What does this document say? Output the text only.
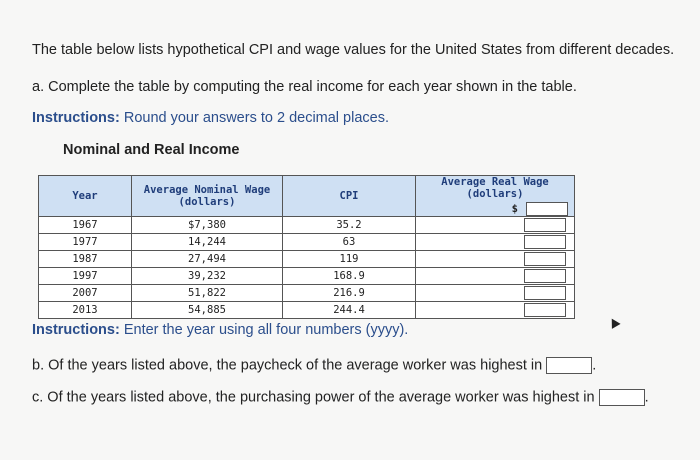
The table below lists hypothetical CPI and wage values for the United States from different decades.
a. Complete the table by computing the real income for each year shown in the table.
Instructions: Round your answers to 2 decimal places.
Nominal and Real Income
Year	Average Nominal Wage (dollars)	CPI	Average Real Wage (dollars)
$

1967	$7,380	35.2	

1977	14,244	63	

1987	27,494	119	

1997	39,232	168.9	

2007	51,822	216.9	

2013	54,885	244.4	
Instructions: Enter the year using all four numbers (yyyy).
b. Of the years listed above, the paycheck of the average worker was highest in	.
c. Of the years listed above, the purchasing power of the average worker was highest in	.
